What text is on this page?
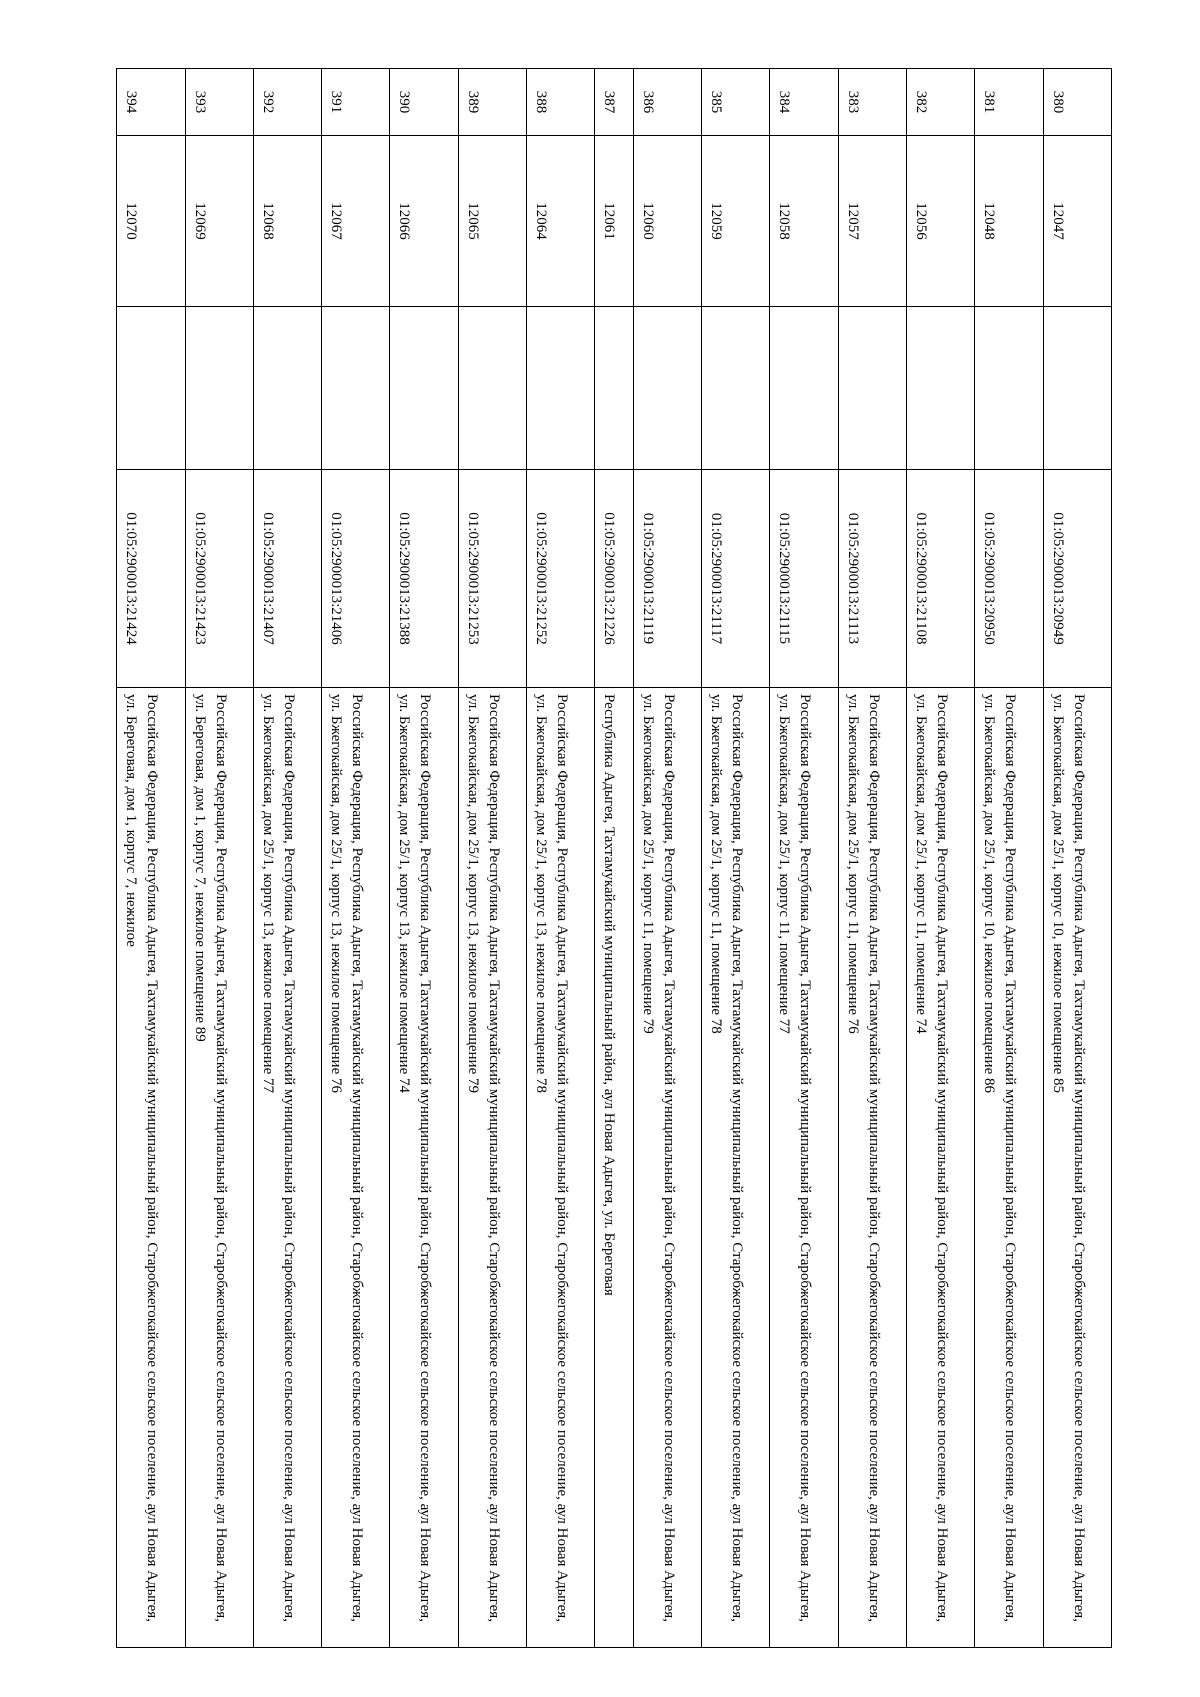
380	12047		01:05:2900013:20949	Российская Федерация, Республика Адыгея, Тахтамукайский муниципальный район, Старобжегокайское сельское поселение, аул Новая Адыгея, ул. Бжегокайская, дом 25/1, корпус 10, нежилое помещение 85
381	12048		01:05:2900013:20950	Российская Федерация, Республика Адыгея, Тахтамукайский муниципальный район, Старобжегокайское сельское поселение, аул Новая Адыгея, ул. Бжегокайская, дом 25/1, корпус 10, нежилое помещение 86
382	12056		01:05:2900013:21108	Российская Федерация, Республика Адыгея, Тахтамукайский муниципальный район, Старобжегокайское сельское поселение, аул Новая Адыгея, ул. Бжегокайская, дом 25/1, корпус 11, помещение 74
383	12057		01:05:2900013:21113	Российская Федерация, Республика Адыгея, Тахтамукайский муниципальный район, Старобжегокайское сельское поселение, аул Новая Адыгея, ул. Бжегокайская, дом 25/1, корпус 11, помещение 76
384	12058		01:05:2900013:21115	Российская Федерация, Республика Адыгея, Тахтамукайский муниципальный район, Старобжегокайское сельское поселение, аул Новая Адыгея, ул. Бжегокайская, дом 25/1, корпус 11, помещение 77
385	12059		01:05:2900013:21117	Российская Федерация, Республика Адыгея, Тахтамукайский муниципальный район, Старобжегокайское сельское поселение, аул Новая Адыгея, ул. Бжегокайская, дом 25/1, корпус 11, помещение 78
386	12060		01:05:2900013:21119	Российская Федерация, Республика Адыгея, Тахтамукайский муниципальный район, Старобжегокайское сельское поселение, аул Новая Адыгея, ул. Бжегокайская, дом 25/1, корпус 11, помещение 79
387	12061		01:05:2900013:21226	Республика Адыгея, Тахтамукайский муниципальный район, аул Новая Адыгея, ул. Береговая
388	12064		01:05:2900013:21252	Российская Федерация, Республика Адыгея, Тахтамукайский муниципальный район, Старобжегокайское сельское поселение, аул Новая Адыгея, ул. Бжегокайская, дом 25/1, корпус 13, нежилое помещение 78
389	12065		01:05:2900013:21253	Российская Федерация, Республика Адыгея, Тахтамукайский муниципальный район, Старобжегокайское сельское поселение, аул Новая Адыгея, ул. Бжегокайская, дом 25/1, корпус 13, нежилое помещение 79
390	12066		01:05:2900013:21388	Российская Федерация, Республика Адыгея, Тахтамукайский муниципальный район, Старобжегокайское сельское поселение, аул Новая Адыгея, ул. Бжегокайская, дом 25/1, корпус 13, нежилое помещение 74
391	12067		01:05:2900013:21406	Российская Федерация, Республика Адыгея, Тахтамукайский муниципальный район, Старобжегокайское сельское поселение, аул Новая Адыгея, ул. Бжегокайская, дом 25/1, корпус 13, нежилое помещение 76
392	12068		01:05:2900013:21407	Российская Федерация, Республика Адыгея, Тахтамукайский муниципальный район, Старобжегокайское сельское поселение, аул Новая Адыгея, ул. Бжегокайская, дом 25/1, корпус 13, нежилое помещение 77
393	12069		01:05:2900013:21423	Российская Федерация, Республика Адыгея, Тахтамукайский муниципальный район, Старобжегокайское сельское поселение, аул Новая Адыгея, ул. Береговая, дом 1, корпус 7, нежилое помещение 89
394	12070		01:05:2900013:21424	Российская Федерация, Республика Адыгея, Тахтамукайский муниципальный район, Старобжегокайское сельское поселение, аул Новая Адыгея, ул. Береговая, дом 1, корпус 7, нежилое
